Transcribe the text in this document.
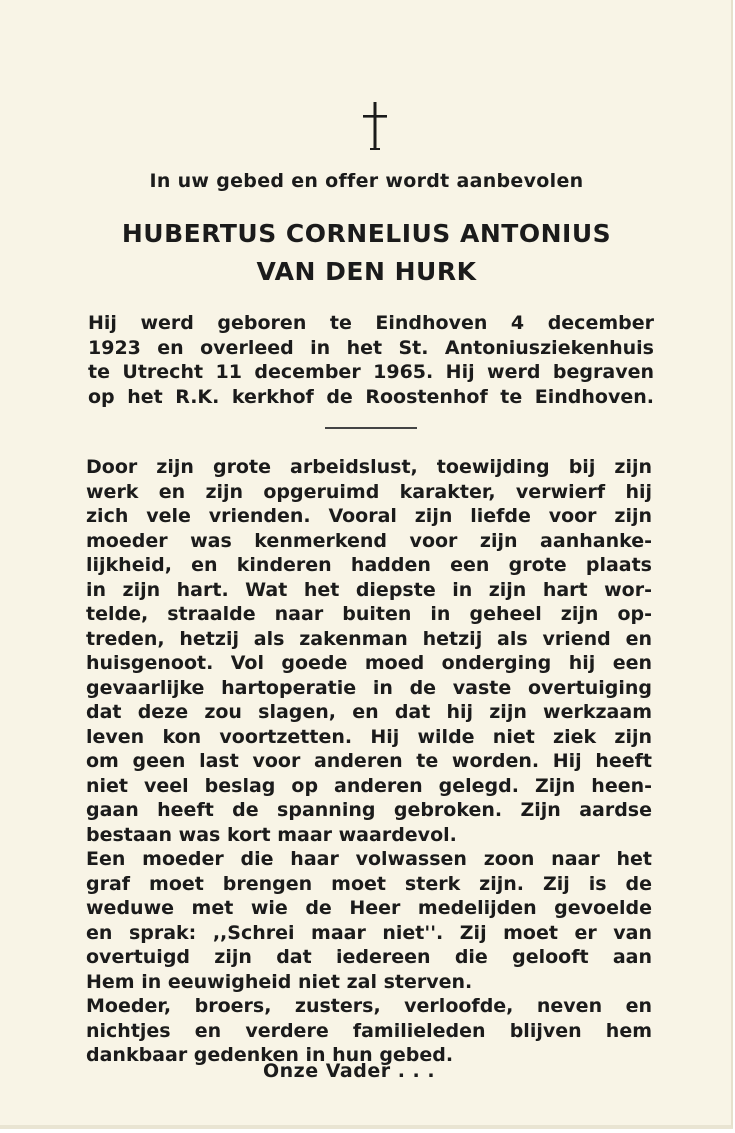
In uw gebed en offer wordt aanbevolen
HUBERTUS CORNELIUS ANTONIUS
VAN DEN HURK
Hij werd geboren te Eindhoven 4 december
1923 en overleed in het St. Antoniusziekenhuis
te Utrecht 11 december 1965. Hij werd begraven
op het R.K. kerkhof de Roostenhof te Eindhoven.
Door zijn grote arbeidslust, toewijding bij zijn
werk en zijn opgeruimd karakter, verwierf hij
zich vele vrienden. Vooral zijn liefde voor zijn
moeder was kenmerkend voor zijn aanhanke-
lijkheid, en kinderen hadden een grote plaats
in zijn hart. Wat het diepste in zijn hart wor-
telde, straalde naar buiten in geheel zijn op-
treden, hetzij als zakenman hetzij als vriend en
huisgenoot. Vol goede moed onderging hij een
gevaarlijke hartoperatie in de vaste overtuiging
dat deze zou slagen, en dat hij zijn werkzaam
leven kon voortzetten. Hij wilde niet ziek zijn
om geen last voor anderen te worden. Hij heeft
niet veel beslag op anderen gelegd. Zijn heen-
gaan heeft de spanning gebroken. Zijn aardse
bestaan was kort maar waardevol.
Een moeder die haar volwassen zoon naar het
graf moet brengen moet sterk zijn. Zij is de
weduwe met wie de Heer medelijden gevoelde
en sprak: ,,Schrei maar niet''. Zij moet er van
overtuigd zijn dat iedereen die gelooft aan
Hem in eeuwigheid niet zal sterven.
Moeder, broers, zusters, verloofde, neven en
nichtjes en verdere familieleden blijven hem
dankbaar gedenken in hun gebed.
Onze Vader . . .
